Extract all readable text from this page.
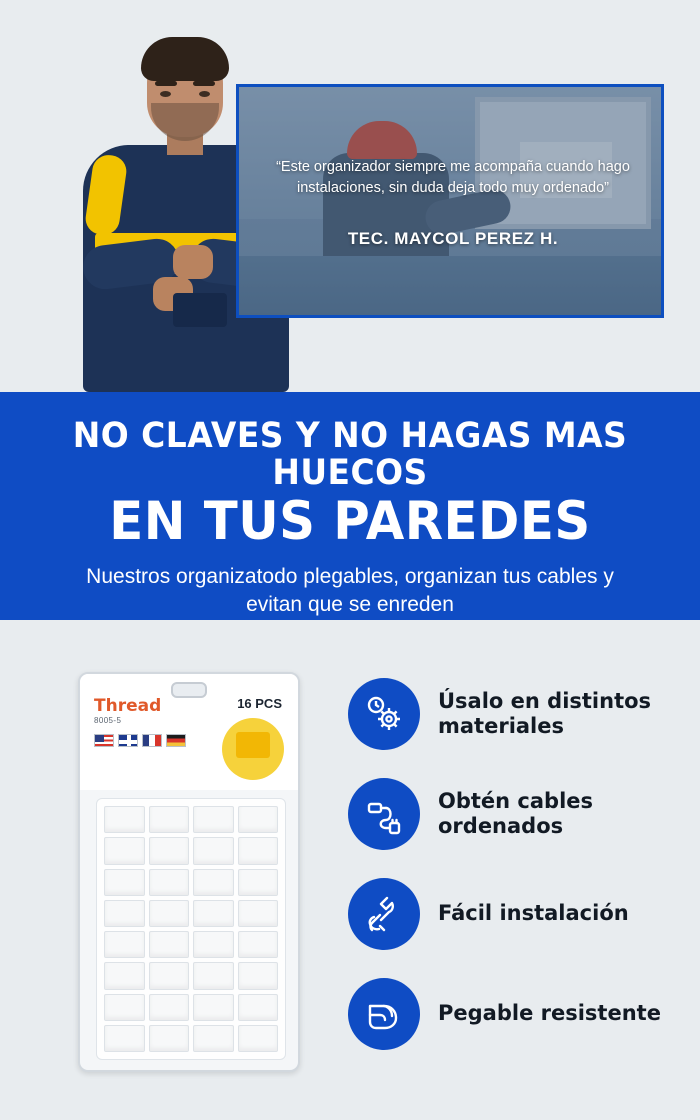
“Este organizador siempre me acompaña cuando hago instalaciones, sin duda deja todo muy ordenado”
TEC. MAYCOL PEREZ H.
NO CLAVES Y NO HAGAS MAS HUECOS
EN TUS PAREDES

Nuestros organizatodo plegables, organizan tus cables y evitan que se enreden

Thread
8005-5
16 PCS	Úsalo en distintos materiales
Obtén cables ordenados
Fácil instalación
Pegable resistente
